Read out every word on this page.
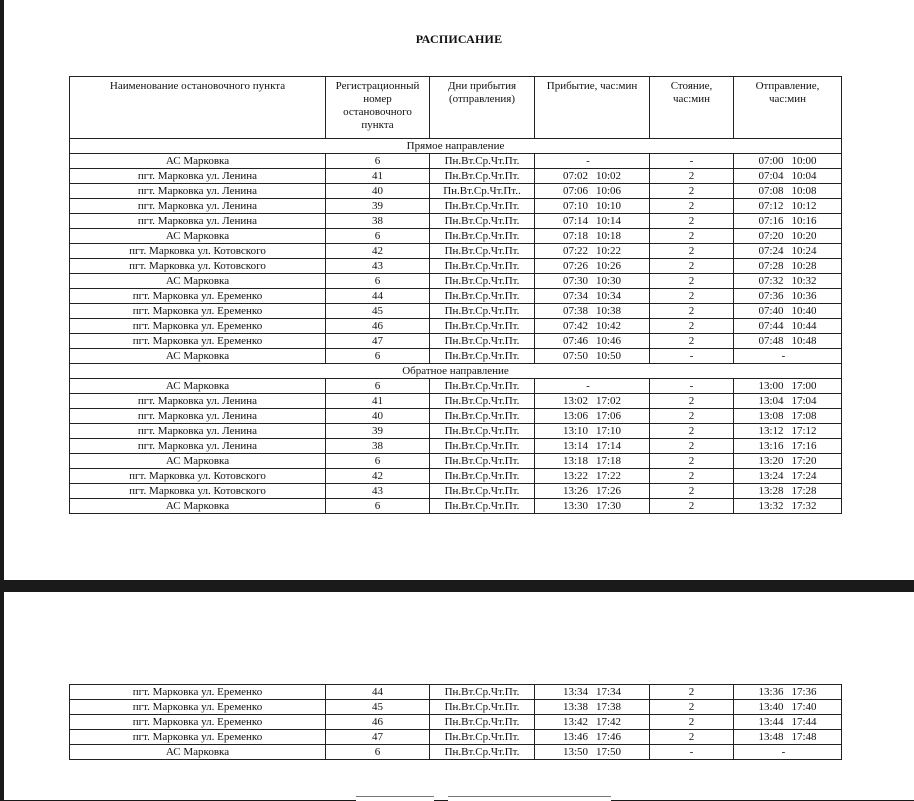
РАСПИСАНИЕ
Наименование остановочного пункта	Регистрационный номер остановочного пункта	Дни прибытия (отправления)	Прибытие, час:мин	Стояние, час:мин	Отправление, час:мин
Прямое направление					
АС Марковка	6	Пн.Вт.Ср.Чт.Пт.	-	-	07:00 10:00
пгт. Марковка ул. Ленина	41	Пн.Вт.Ср.Чт.Пт.	07:02 10:02	2	07:04 10:04
пгт. Марковка ул. Ленина	40	Пн.Вт.Ср.Чт.Пт..	07:06 10:06	2	07:08 10:08
пгт. Марковка ул. Ленина	39	Пн.Вт.Ср.Чт.Пт.	07:10 10:10	2	07:12 10:12
пгт. Марковка ул. Ленина	38	Пн.Вт.Ср.Чт.Пт.	07:14 10:14	2	07:16 10:16
АС Марковка	6	Пн.Вт.Ср.Чт.Пт.	07:18 10:18	2	07:20 10:20
пгт. Марковка ул. Котовского	42	Пн.Вт.Ср.Чт.Пт.	07:22 10:22	2	07:24 10:24
пгт. Марковка ул. Котовского	43	Пн.Вт.Ср.Чт.Пт.	07:26 10:26	2	07:28 10:28
АС Марковка	6	Пн.Вт.Ср.Чт.Пт.	07:30 10:30	2	07:32 10:32
пгт. Марковка ул. Еременко	44	Пн.Вт.Ср.Чт.Пт.	07:34 10:34	2	07:36 10:36
пгт. Марковка ул. Еременко	45	Пн.Вт.Ср.Чт.Пт.	07:38 10:38	2	07:40 10:40
пгт. Марковка ул. Еременко	46	Пн.Вт.Ср.Чт.Пт.	07:42 10:42	2	07:44 10:44
пгт. Марковка ул. Еременко	47	Пн.Вт.Ср.Чт.Пт.	07:46 10:46	2	07:48 10:48
АС Марковка	6	Пн.Вт.Ср.Чт.Пт.	07:50 10:50	-	-
Обратное направление					
АС Марковка	6	Пн.Вт.Ср.Чт.Пт.	-	-	13:00 17:00
пгт. Марковка ул. Ленина	41	Пн.Вт.Ср.Чт.Пт.	13:02 17:02	2	13:04 17:04
пгт. Марковка ул. Ленина	40	Пн.Вт.Ср.Чт.Пт.	13:06 17:06	2	13:08 17:08
пгт. Марковка ул. Ленина	39	Пн.Вт.Ср.Чт.Пт.	13:10 17:10	2	13:12 17:12
пгт. Марковка ул. Ленина	38	Пн.Вт.Ср.Чт.Пт.	13:14 17:14	2	13:16 17:16
АС Марковка	6	Пн.Вт.Ср.Чт.Пт.	13:18 17:18	2	13:20 17:20
пгт. Марковка ул. Котовского	42	Пн.Вт.Ср.Чт.Пт.	13:22 17:22	2	13:24 17:24
пгт. Марковка ул. Котовского	43	Пн.Вт.Ср.Чт.Пт.	13:26 17:26	2	13:28 17:28
АС Марковка	6	Пн.Вт.Ср.Чт.Пт.	13:30 17:30	2	13:32 17:32
пгт. Марковка ул. Еременко	44	Пн.Вт.Ср.Чт.Пт.	13:34 17:34	2	13:36 17:36
пгт. Марковка ул. Еременко	45	Пн.Вт.Ср.Чт.Пт.	13:38 17:38	2	13:40 17:40
пгт. Марковка ул. Еременко	46	Пн.Вт.Ср.Чт.Пт.	13:42 17:42	2	13:44 17:44
пгт. Марковка ул. Еременко	47	Пн.Вт.Ср.Чт.Пт.	13:46 17:46	2	13:48 17:48
АС Марковка	6	Пн.Вт.Ср.Чт.Пт.	13:50 17:50	-	-
